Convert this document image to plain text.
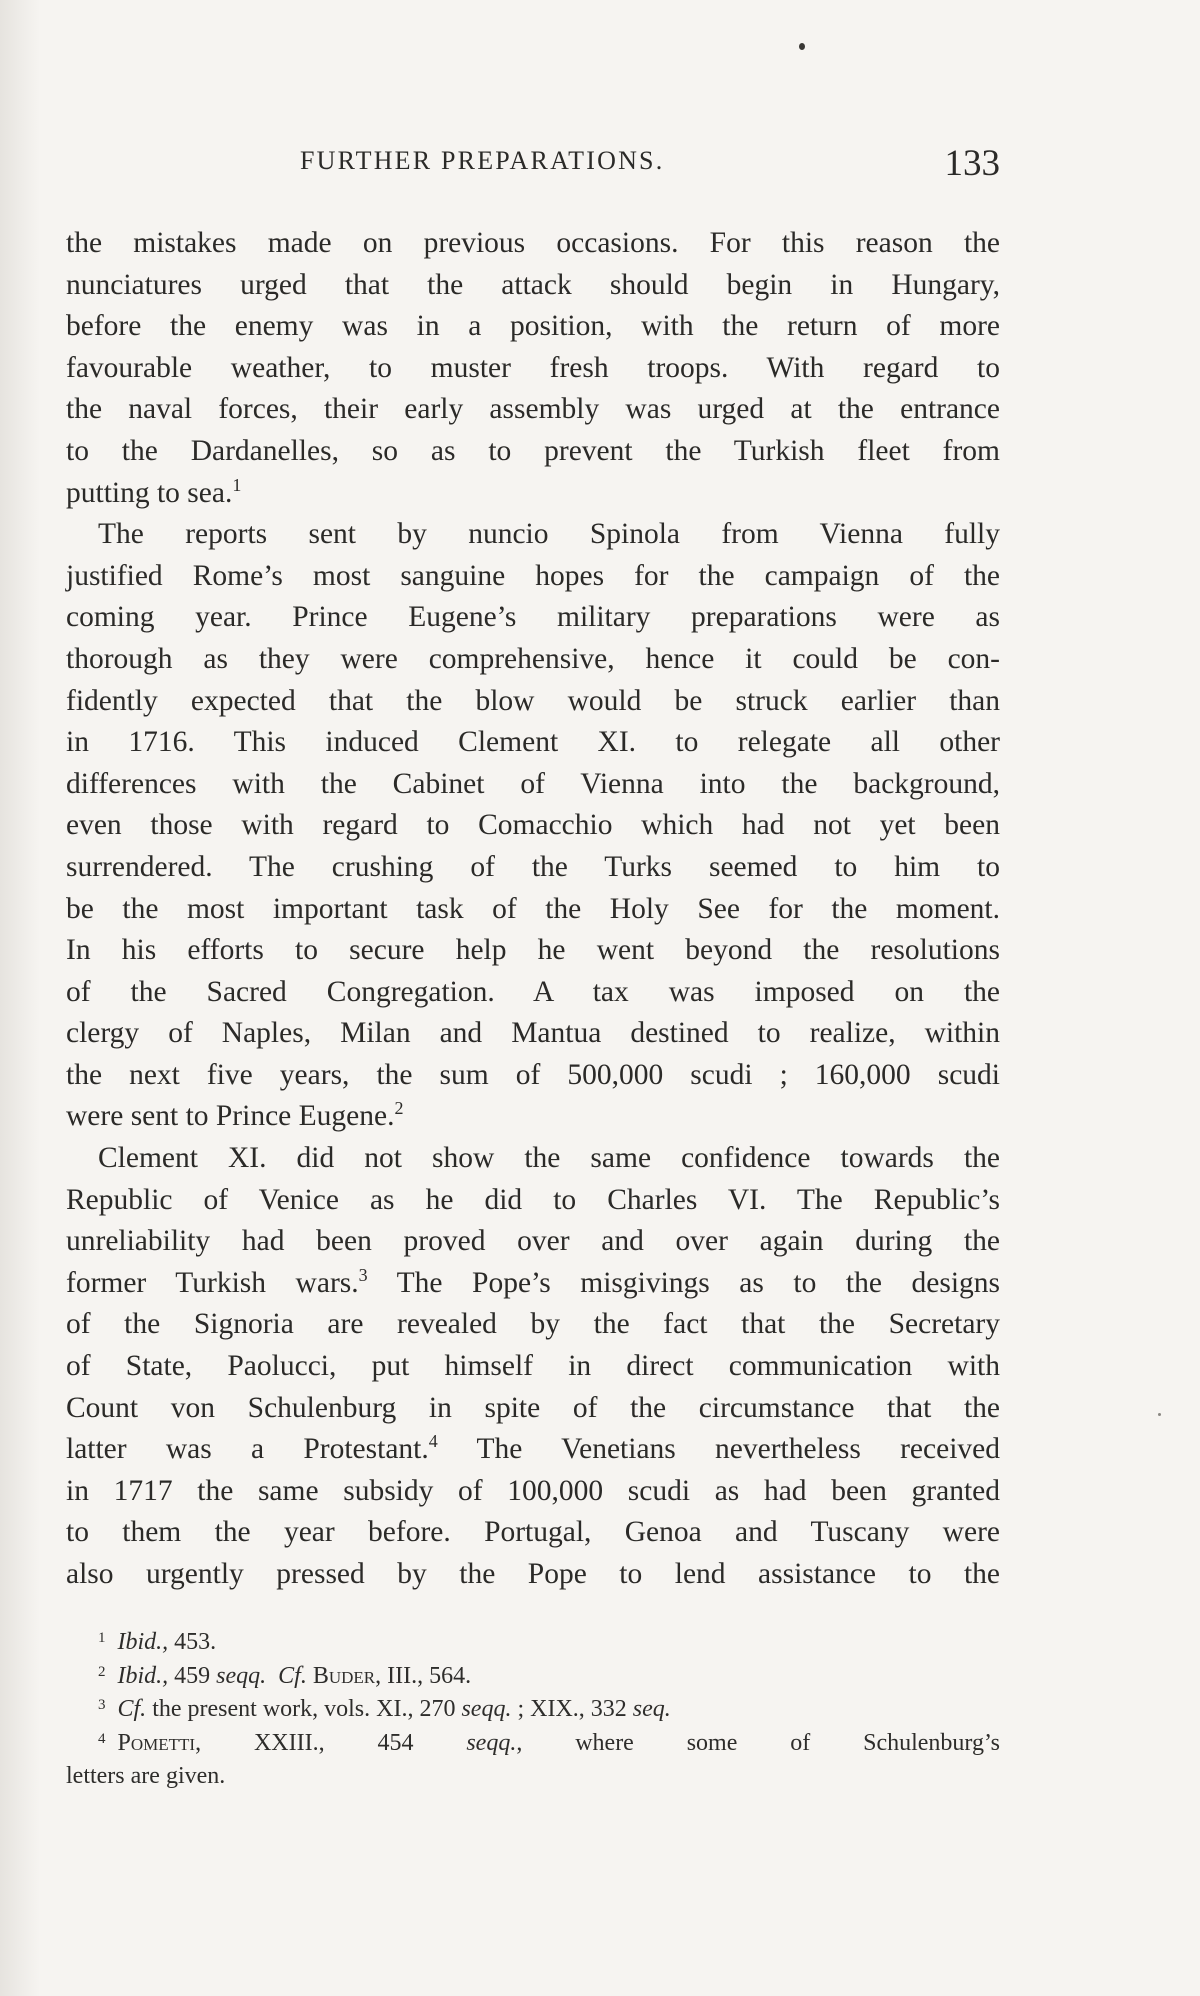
FURTHER PREPARATIONS.	133
the mistakes made on previous occasions. For this reason the
nunciatures urged that the attack should begin in Hungary,
before the enemy was in a position, with the return of more
favourable weather, to muster fresh troops. With regard to
the naval forces, their early assembly was urged at the entrance
to the Dardanelles, so as to prevent the Turkish fleet from
putting to sea.$^1$
The reports sent by nuncio Spinola from Vienna fully
justified Rome’s most sanguine hopes for the campaign of the
coming year. Prince Eugene’s military preparations were as
thorough as they were comprehensive, hence it could be con-
fidently expected that the blow would be struck earlier than
in 1716. This induced Clement XI. to relegate all other
differences with the Cabinet of Vienna into the background,
even those with regard to Comacchio which had not yet been
surrendered. The crushing of the Turks seemed to him to
be the most important task of the Holy See for the moment.
In his efforts to secure help he went beyond the resolutions
of the Sacred Congregation. A tax was imposed on the
clergy of Naples, Milan and Mantua destined to realize, within
the next five years, the sum of 500,000 scudi ; 160,000 scudi
were sent to Prince Eugene.$^2$
Clement XI. did not show the same confidence towards the
Republic of Venice as he did to Charles VI. The Republic’s
unreliability had been proved over and over again during the
former Turkish wars.$^3$ The Pope’s misgivings as to the designs
of the Signoria are revealed by the fact that the Secretary
of State, Paolucci, put himself in direct communication with
Count von Schulenburg in spite of the circumstance that the
latter was a Protestant.$^4$ The Venetians nevertheless received
in 1717 the same subsidy of 100,000 scudi as had been granted
to them the year before. Portugal, Genoa and Tuscany were
also urgently pressed by the Pope to lend assistance to the
$^1$ Ibid., 453.
$^2$ Ibid., 459 seqq. Cf. Buder, III., 564.
$^3$ Cf. the present work, vols. XI., 270 seqq. ; XIX., 332 seq.
$^4$ Pometti, XXIII., 454 seqq., where some of Schulenburg’s
letters are given.
